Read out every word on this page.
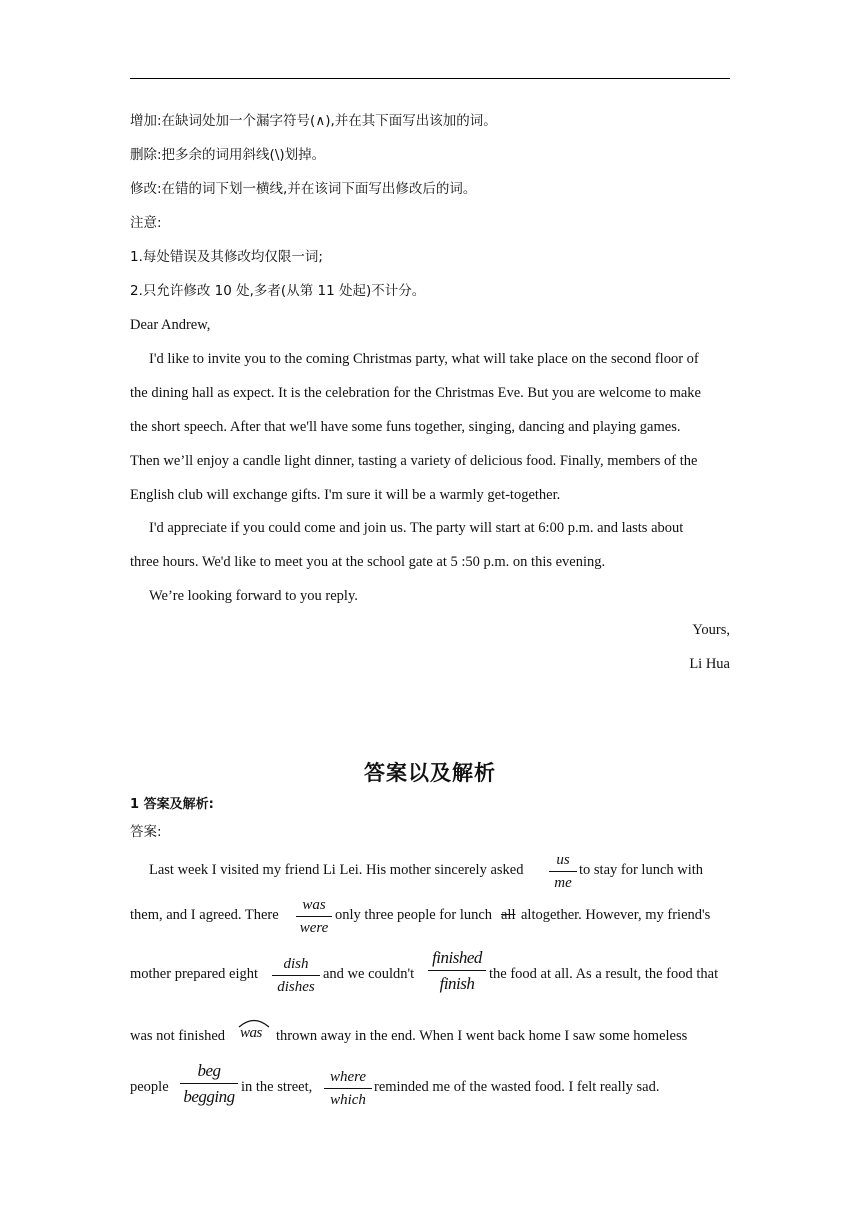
增加:在缺词处加一个漏字符号(∧),并在其下面写出该加的词。
删除:把多余的词用斜线(\)划掉。
修改:在错的词下划一横线,并在该词下面写出修改后的词。
注意:
1.每处错误及其修改均仅限一词;
2.只允许修改 10 处,多者(从第 11 处起)不计分。
Dear Andrew,
I'd like to invite you to the coming Christmas party, what will take place on the second floor of
the dining hall as expect. It is the celebration for the Christmas Eve. But you are welcome to make
the short speech. After that we'll have some funs together, singing, dancing and playing games.
Then we’ll enjoy a candle light dinner, tasting a variety of delicious food. Finally, members of the
English club will exchange gifts. I'm sure it will be a warmly get-together.
I'd appreciate if you could come and join us. The party will start at 6:00 p.m. and lasts about
three hours. We'd like to meet you at the school gate at 5 :50 p.m. on this evening.
We’re looking forward to you reply.
Yours,
Li Hua
答案以及解析
1 答案及解析:
答案:
Last week I visited my friend Li Lei. His mother sincerely asked $\frac{us}{me}$ to stay for lunch with
them, and I agreed. There
was
were
only three people for lunch all altogether. However, my friend's
mother prepared eight
dish
dishes
and we couldn't
finished
finish	the food at all. As a result, the food that
was not finished was thrown away in the end. When I went back home I saw some homeless
people
beg
begging in the street,
where
which
reminded me of the wasted food. I felt really sad.
